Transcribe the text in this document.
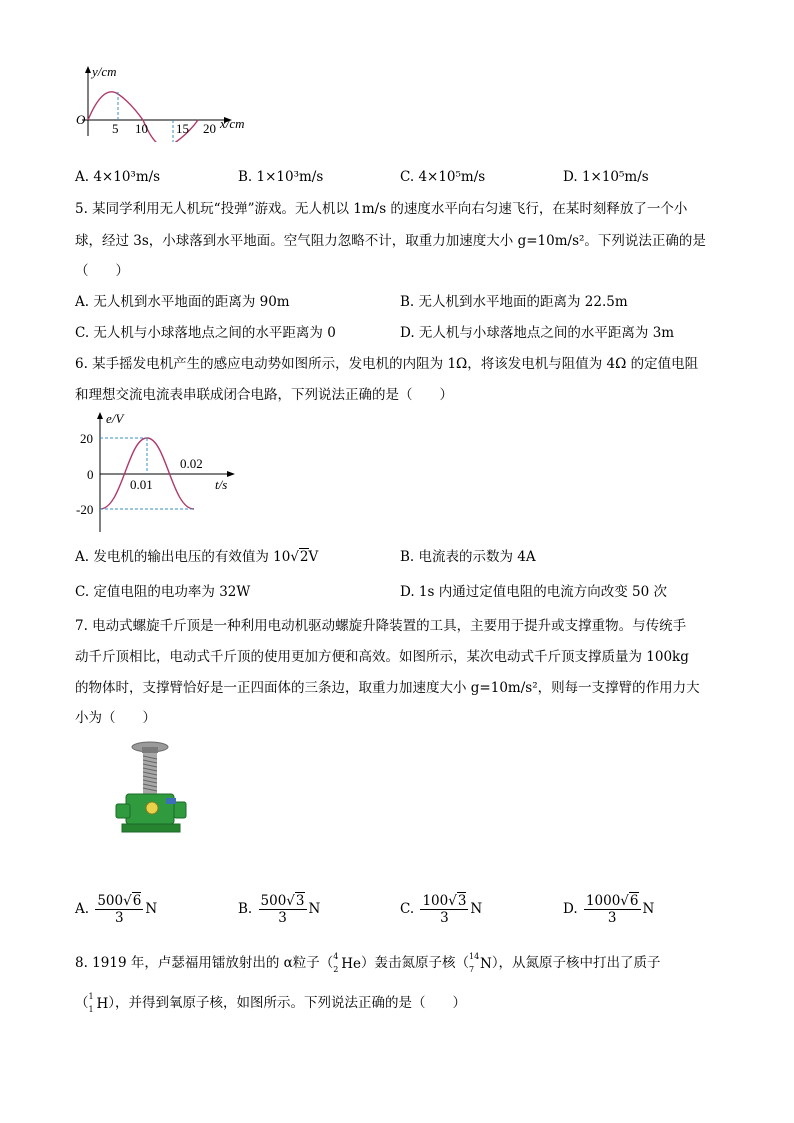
y/cm
O
5 10 15 20 x/cm
A. 4×10³m/s	B. 1×10³m/s	C. 4×10⁵m/s	D. 1×10⁵m/s
5. 某同学利用无人机玩“投弹”游戏。无人机以 1m/s 的速度水平向右匀速飞行，在某时刻释放了一个小
球，经过 3s，小球落到水平地面。空气阻力忽略不计，取重力加速度大小 g=10m/s²。下列说法正确的是
（　　）
A. 无人机到水平地面的距离为 90m	B. 无人机到水平地面的距离为 22.5m
C. 无人机与小球落地点之间的水平距离为 0	D. 无人机与小球落地点之间的水平距离为 3m
6. 某手摇发电机产生的感应电动势如图所示，发电机的内阻为 1Ω，将该发电机与阻值为 4Ω 的定值电阻
和理想交流电流表串联成闭合电路，下列说法正确的是（　　）
e/V
20
0
-20
0.01
0.02
t/s
A. 发电机的输出电压的有效值为 10√2V	B. 电流表的示数为 4A
C. 定值电阻的电功率为 32W	D. 1s 内通过定值电阻的电流方向改变 50 次
7. 电动式螺旋千斤顶是一种利用电动机驱动螺旋升降装置的工具，主要用于提升或支撑重物。与传统手
动千斤顶相比，电动式千斤顶的使用更加方便和高效。如图所示，某次电动式千斤顶支撑质量为 100kg
的物体时，支撑臂恰好是一正四面体的三条边，取重力加速度大小 g=10m/s²，则每一支撑臂的作用力大
小为（　　）
A. $\frac{500√6}{3}$ N	B. $\frac{500√3}{3}$ N	C. $\frac{100√3}{3}$ N	D. $\frac{1000√6}{3}$ N
8. 1919 年，卢瑟福用镭放射出的 α粒子（ 4
2 He）轰击氮原子核（ 14
7 N），从氮原子核中打出了质子
（ 1
1 H），并得到氧原子核，如图所示。下列说法正确的是（　　）
